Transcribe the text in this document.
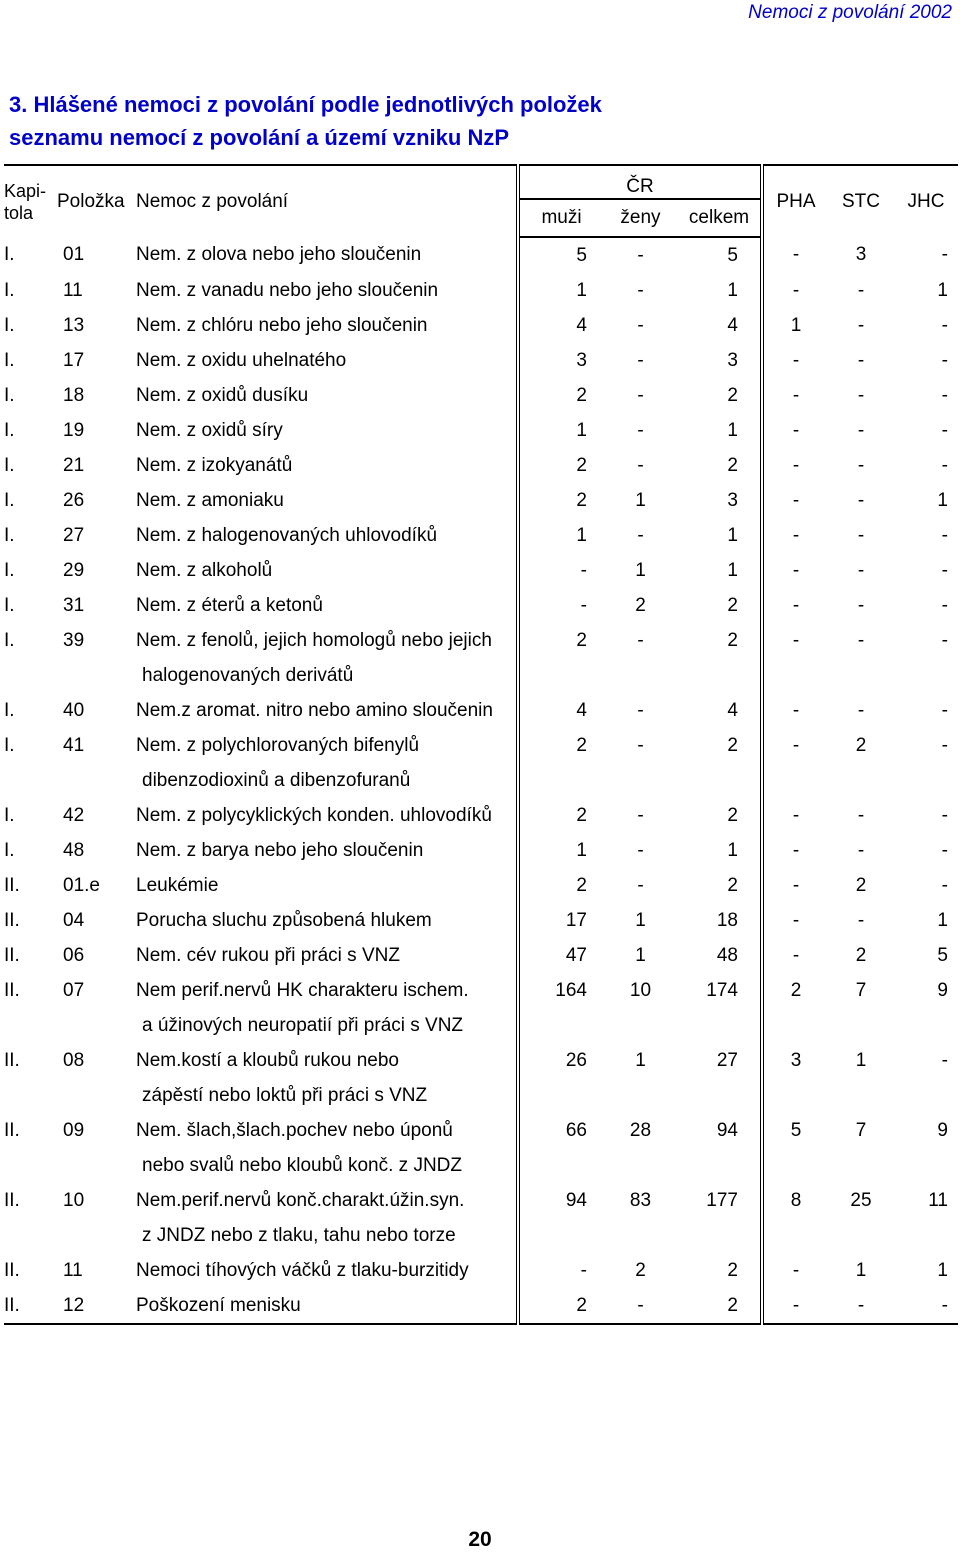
Nemoci z povolání 2002
3. Hlášené nemoci z povolání podle jednotlivých položek
seznamu nemocí z povolání a území vzniku NzP
Kapi-
tola	Položka	Nemoc z povolání	ČR			PHA	STC	JHC
			muži	ženy	celkem			
I.	01	Nem. z olova nebo jeho sloučenin	5	-	5	-	3	-
I.	11	Nem. z vanadu nebo jeho sloučenin	1	-	1	-	-	1
I.	13	Nem. z chlóru nebo jeho sloučenin	4	-	4	1	-	-
I.	17	Nem. z oxidu uhelnatého	3	-	3	-	-	-
I.	18	Nem. z oxidů dusíku	2	-	2	-	-	-
I.	19	Nem. z oxidů síry	1	-	1	-	-	-
I.	21	Nem. z izokyanátů	2	-	2	-	-	-
I.	26	Nem. z amoniaku	2	1	3	-	-	1
I.	27	Nem. z halogenovaných uhlovodíků	1	-	1	-	-	-
I.	29	Nem. z alkoholů	-	1	1	-	-	-
I.	31	Nem. z éterů a ketonů	-	2	2	-	-	-
I.	39	Nem. z fenolů, jejich homologů nebo jejich	2	-	2	-	-	-
		halogenovaných derivátů						
I.	40	Nem.z aromat. nitro nebo amino sloučenin	4	-	4	-	-	-
I.	41	Nem. z polychlorovaných bifenylů	2	-	2	-	2	-
		dibenzodioxinů a dibenzofuranů						
I.	42	Nem. z polycyklických konden. uhlovodíků	2	-	2	-	-	-
I.	48	Nem. z barya nebo jeho sloučenin	1	-	1	-	-	-
II.	01.e	Leukémie	2	-	2	-	2	-
II.	04	Porucha sluchu způsobená hlukem	17	1	18	-	-	1
II.	06	Nem. cév rukou při práci s VNZ	47	1	48	-	2	5
II.	07	Nem perif.nervů HK charakteru ischem.	164	10	174	2	7	9
		a úžinových neuropatií při práci s VNZ						
II.	08	Nem.kostí a kloubů rukou nebo	26	1	27	3	1	-
		zápěstí nebo loktů při práci s VNZ						
II.	09	Nem. šlach,šlach.pochev nebo úponů	66	28	94	5	7	9
		nebo svalů nebo kloubů konč. z JNDZ						
II.	10	Nem.perif.nervů konč.charakt.úžin.syn.	94	83	177	8	25	11
		z JNDZ nebo z tlaku, tahu nebo torze						
II.	11	Nemoci tíhových váčků z tlaku-burzitidy	-	2	2	-	1	1
II.	12	Poškození menisku	2	-	2	-	-	-
20
